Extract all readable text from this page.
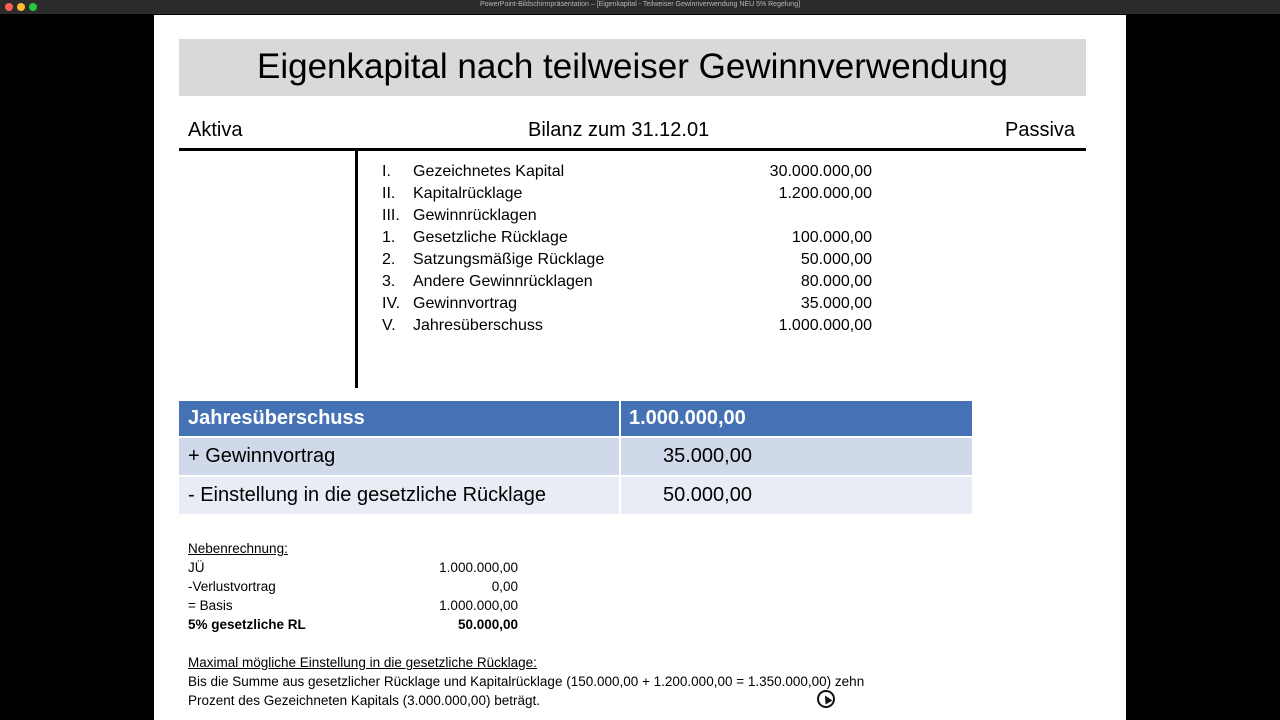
PowerPoint-Bildschirmpräsentation – [Eigenkapital - Teilweiser Gewinnverwendung NEU 5% Regelung]
Eigenkapital nach teilweiser Gewinnverwendung
Aktiva	Bilanz zum 31.12.01	Passiva
I.	Gezeichnetes Kapital	30.000.000,00
II.	Kapitalrücklage	1.200.000,00
III. Gewinnrücklagen
1.	Gesetzliche Rücklage	100.000,00
2.	Satzungsmäßige Rücklage	50.000,00
3.	Andere Gewinnrücklagen	80.000,00
IV. Gewinnvortrag	35.000,00
V.	Jahresüberschuss	1.000.000,00
Jahresüberschuss	1.000.000,00
+ Gewinnvortrag	35.000,00
- Einstellung in die gesetzliche Rücklage	50.000,00
Nebenrechnung:
JÜ	1.000.000,00
-Verlustvortrag	0,00
= Basis	1.000.000,00
5% gesetzliche RL	50.000,00
Maximal mögliche Einstellung in die gesetzliche Rücklage:
Bis die Summe aus gesetzlicher Rücklage und Kapitalrücklage (150.000,00 + 1.200.000,00 = 1.350.000,00) zehn
Prozent des Gezeichneten Kapitals (3.000.000,00) beträgt.
